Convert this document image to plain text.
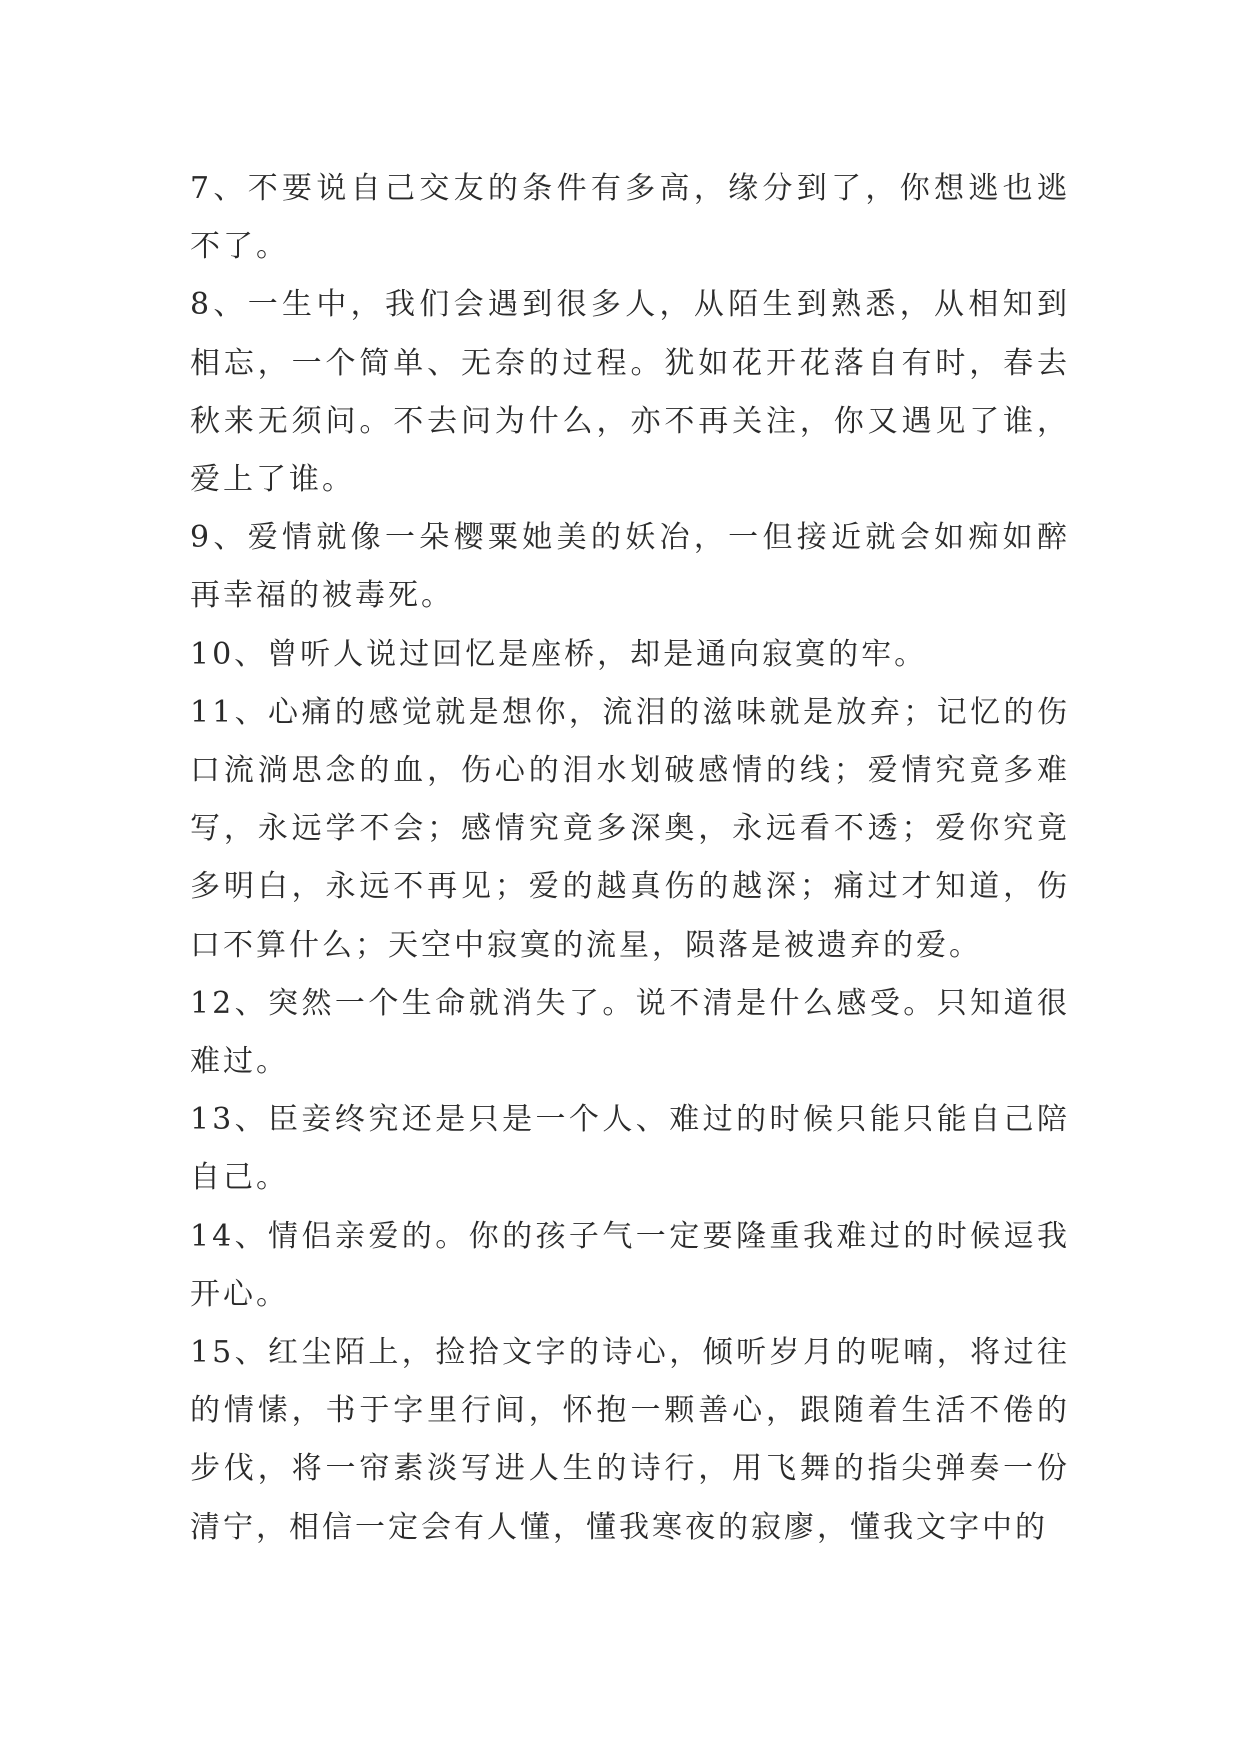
7、不要说自己交友的条件有多高，缘分到了，你想逃也逃不了。

8、一生中，我们会遇到很多人，从陌生到熟悉，从相知到相忘，一个简单、无奈的过程。犹如花开花落自有时，春去秋来无须问。不去问为什么，亦不再关注，你又遇见了谁，爱上了谁。

9、爱情就像一朵樱粟她美的妖冶，一但接近就会如痴如醉再幸福的被毒死。

10、曾听人说过回忆是座桥，却是通向寂寞的牢。

11、心痛的感觉就是想你，流泪的滋味就是放弃；记忆的伤口流淌思念的血，伤心的泪水划破感情的线；爱情究竟多难写，永远学不会；感情究竟多深奥，永远看不透；爱你究竟多明白，永远不再见；爱的越真伤的越深；痛过才知道，伤口不算什么；天空中寂寞的流星，陨落是被遗弃的爱。

12、突然一个生命就消失了。说不清是什么感受。只知道很难过。

13、臣妾终究还是只是一个人、难过的时候只能只能自己陪自己。

14、情侣亲爱的。你的孩子气一定要隆重我难过的时候逗我开心。

15、红尘陌上，捡拾文字的诗心，倾听岁月的呢喃，将过往的情愫，书于字里行间，怀抱一颗善心，跟随着生活不倦的步伐，将一帘素淡写进人生的诗行，用飞舞的指尖弹奏一份清宁，相信一定会有人懂，懂我寒夜的寂廖，懂我文字中的
